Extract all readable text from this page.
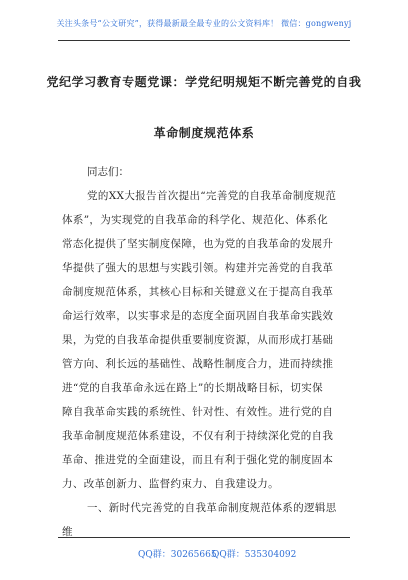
关注头条号“公文研究”，获得最新最全最专业的公文资料库！ 微信：gongwenyj
党纪学习教育专题党课：学党纪明规矩不断完善党的自我
革命制度规范体系

同志们：

党的XX大报告首次提出“完善党的自我革命制度规范

体系”，为实现党的自我革命的科学化、规范化、体系化

常态化提供了坚实制度保障，也为党的自我革命的发展升

华提供了强大的思想与实践引领。构建并完善党的自我革

命制度规范体系，其核心目标和关键意义在于提高自我革

命运行效率，以实事求是的态度全面巩固自我革命实践效

果，为党的自我革命提供重要制度资源，从而形成打基础

管方向、利长远的基础性、战略性制度合力，进而持续推

进“党的自我革命永远在路上”的长期战略目标，切实保

障自我革命实践的系统性、针对性、有效性。进行党的自

我革命制度规范体系建设，不仅有利于持续深化党的自我

革命、推进党的全面建设，而且有利于强化党的制度固本

力、改革创新力、监督约束力、自我建设力。

一、新时代完善党的自我革命制度规范体系的逻辑思

维

QQ群：30265665
QQ群：535304092
